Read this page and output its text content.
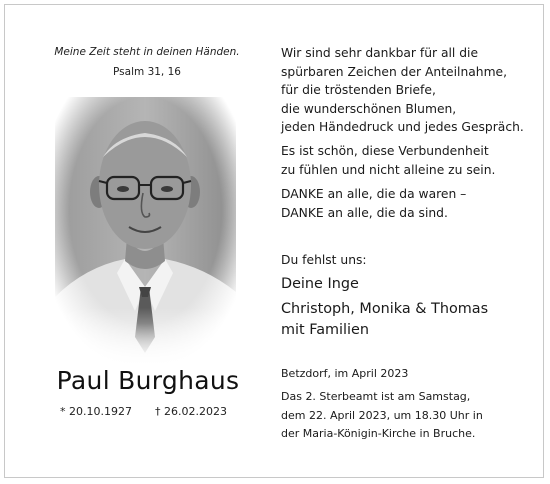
Meine Zeit steht in deinen Händen.
Psalm 31, 16
Paul Burghaus
* 20.10.1927 † 26.02.2023
Wir sind sehr dankbar für all die
spürbaren Zeichen der Anteilnahme,
für die tröstenden Briefe,
die wunderschönen Blumen,
jeden Händedruck und jedes Gespräch.
Es ist schön, diese Verbundenheit
zu fühlen und nicht alleine zu sein.
DANKE an alle, die da waren –
DANKE an alle, die da sind.
Du fehlst uns:
Deine Inge
Christoph, Monika & Thomas
mit Familien
Betzdorf, im April 2023
Das 2. Sterbeamt ist am Samstag,
dem 22. April 2023, um 18.30 Uhr in
der Maria-Königin-Kirche in Bruche.
